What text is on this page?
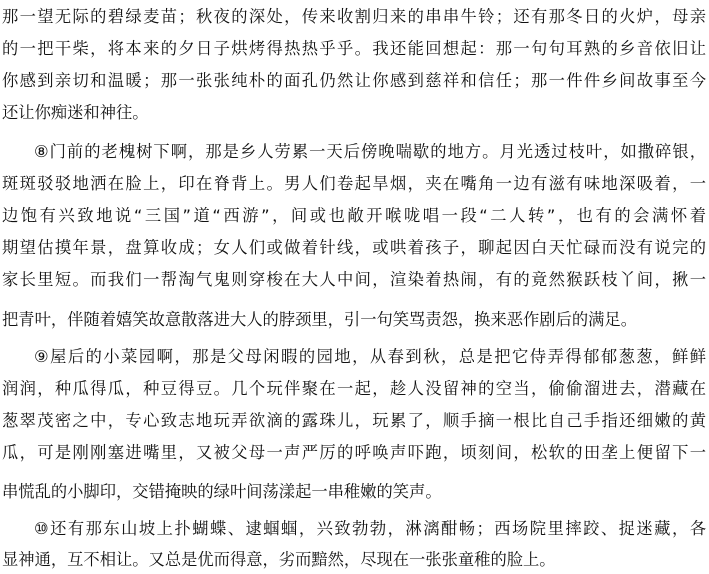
那一望无际的碧绿麦苗；秋夜的深处，传来收割归来的串串牛铃；还有那冬日的火炉，母亲
的一把干柴，将本来的夕日子烘烤得热热乎乎。我还能回想起：那一句句耳熟的乡音依旧让
你感到亲切和温暖；那一张张纯朴的面孔仍然让你感到慈祥和信任；那一件件乡间故事至今
还让你痴迷和神往。
⑧门前的老槐树下啊，那是乡人劳累一天后傍晚喘歇的地方。月光透过枝叶，如撒碎银，
斑斑驳驳地洒在脸上，印在脊背上。男人们卷起旱烟，夹在嘴角一边有滋有味地深吸着，一
边饱有兴致地说“三国”道“西游”，间或也敞开喉咙唱一段“二人转”，也有的会满怀着
期望估摸年景，盘算收成；女人们或做着针线，或哄着孩子，聊起因白天忙碌而没有说完的
家长里短。而我们一帮淘气鬼则穿梭在大人中间，渲染着热闹，有的竟然猴跃枝丫间，揪一
把青叶，伴随着嬉笑故意散落进大人的脖颈里，引一句笑骂责怨，换来恶作剧后的满足。
⑨屋后的小菜园啊，那是父母闲暇的园地，从春到秋，总是把它侍弄得郁郁葱葱，鲜鲜
润润，种瓜得瓜，种豆得豆。几个玩伴聚在一起，趁人没留神的空当，偷偷溜进去，潜藏在
葱翠茂密之中，专心致志地玩弄欲滴的露珠儿，玩累了，顺手摘一根比自己手指还细嫩的黄
瓜，可是刚刚塞进嘴里，又被父母一声严厉的呼唤声吓跑，顷刻间，松软的田垄上便留下一
串慌乱的小脚印，交错掩映的绿叶间荡漾起一串稚嫩的笑声。
⑩还有那东山坡上扑蝴蝶、逮蝈蝈，兴致勃勃，淋漓酣畅；西场院里摔跤、捉迷藏，各
显神通，互不相让。又总是优而得意，劣而黯然，尽现在一张张童稚的脸上。
